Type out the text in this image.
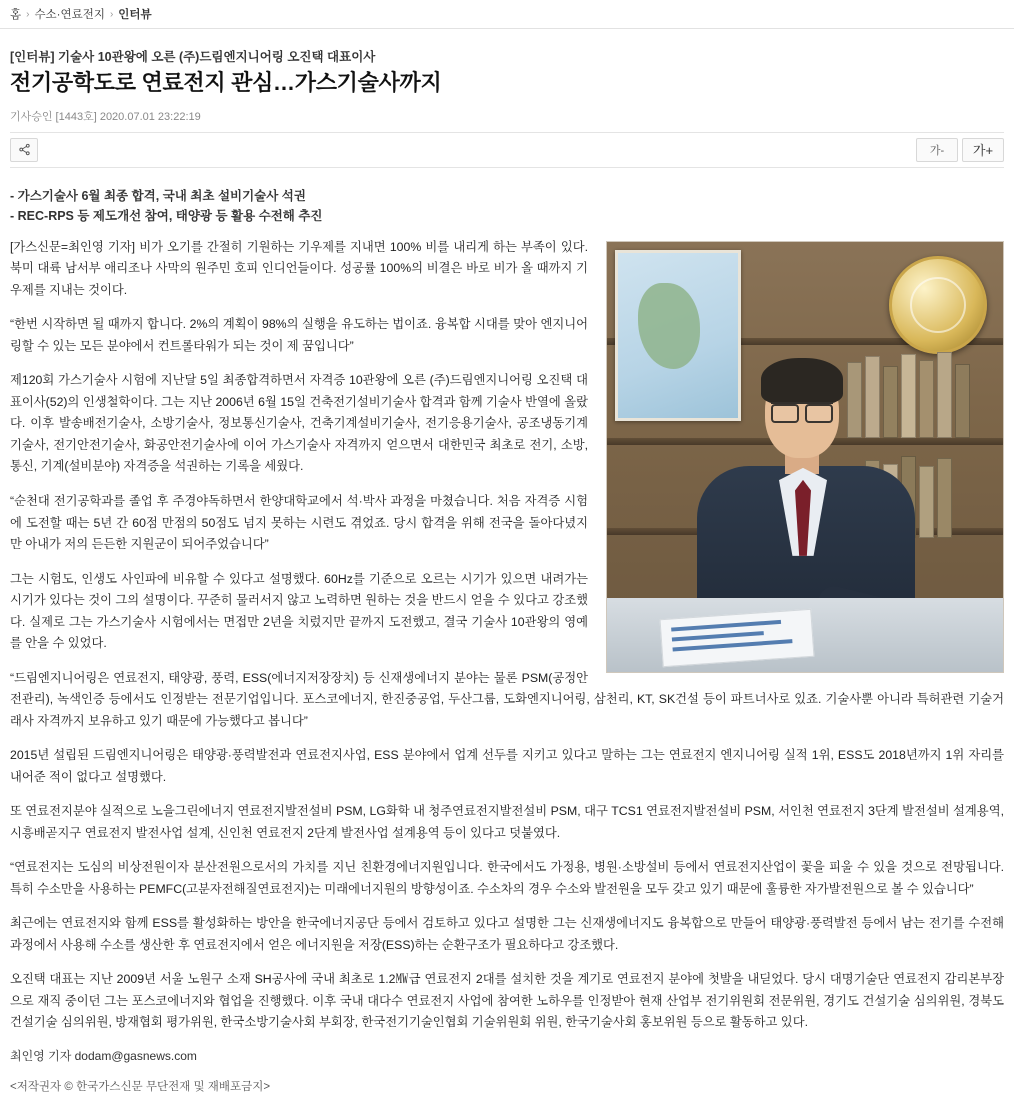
홈 › 수소·연료전지 › 인터뷰
[인터뷰] 기술사 10관왕에 오른 (주)드림엔지니어링 오진택 대표이사
전기공학도로 연료전지 관심…가스기술사까지
기사승인 [1443호] 2020.07.01 23:22:19
가-	가+
- 가스기술사 6월 최종 합격, 국내 최초 설비기술사 석권
- REC-RPS 등 제도개선 참여, 태양광 등 활용 수전해 추진

[가스신문=최인영 기자] 비가 오기를 간절히 기원하는 기우제를 지내면 100% 비를 내리게 하는 부족이 있다. 북미 대륙 남서부 애리조나 사막의 원주민 호피 인디언들이다. 성공률 100%의 비결은 바로 비가 올 때까지 기우제를 지내는 것이다.

“한번 시작하면 될 때까지 합니다. 2%의 계획이 98%의 실행을 유도하는 법이죠. 융복합 시대를 맞아 엔지니어링할 수 있는 모든 분야에서 컨트롤타워가 되는 것이 제 꿈입니다”

제120회 가스기술사 시험에 지난달 5일 최종합격하면서 자격증 10관왕에 오른 (주)드림엔지니어링 오진택 대표이사(52)의 인생철학이다. 그는 지난 2006년 6월 15일 건축전기설비기술사 합격과 함께 기술사 반열에 올랐다. 이후 발송배전기술사, 소방기술사, 정보통신기술사, 건축기계설비기술사, 전기응용기술사, 공조냉동기계기술사, 전기안전기술사, 화공안전기술사에 이어 가스기술사 자격까지 얻으면서 대한민국 최초로 전기, 소방, 통신, 기계(설비분야) 자격증을 석권하는 기록을 세웠다.

“순천대 전기공학과를 졸업 후 주경야독하면서 한양대학교에서 석·박사 과정을 마쳤습니다. 처음 자격증 시험에 도전할 때는 5년 간 60점 만점의 50점도 넘지 못하는 시련도 겪었죠. 당시 합격을 위해 전국을 돌아다녔지만 아내가 저의 든든한 지원군이 되어주었습니다”

그는 시험도, 인생도 사인파에 비유할 수 있다고 설명했다. 60Hz를 기준으로 오르는 시기가 있으면 내려가는 시기가 있다는 것이 그의 설명이다. 꾸준히 물러서지 않고 노력하면 원하는 것을 반드시 얻을 수 있다고 강조했다. 실제로 그는 가스기술사 시험에서는 면접만 2년을 치렀지만 끝까지 도전했고, 결국 기술사 10관왕의 영예를 안을 수 있었다.

“드림엔지니어링은 연료전지, 태양광, 풍력, ESS(에너지저장장치) 등 신재생에너지 분야는 물론 PSM(공정안전관리), 녹색인증 등에서도 인정받는 전문기업입니다. 포스코에너지, 한진중공업, 두산그룹, 도화엔지니어링, 삼천리, KT, SK건설 등이 파트너사로 있죠. 기술사뿐 아니라 특허관련 기술거래사 자격까지 보유하고 있기 때문에 가능했다고 봅니다”

2015년 설립된 드림엔지니어링은 태양광·풍력발전과 연료전지사업, ESS 분야에서 업계 선두를 지키고 있다고 말하는 그는 연료전지 엔지니어링 실적 1위, ESS도 2018년까지 1위 자리를 내어준 적이 없다고 설명했다.

또 연료전지분야 실적으로 노을그린에너지 연료전지발전설비 PSM, LG화학 내 청주연료전지발전설비 PSM, 대구 TCS1 연료전지발전설비 PSM, 서인천 연료전지 3단계 발전설비 설계용역, 시흥배곧지구 연료전지 발전사업 설계, 신인천 연료전지 2단계 발전사업 설계용역 등이 있다고 덧붙였다.

“연료전지는 도심의 비상전원이자 분산전원으로서의 가치를 지닌 친환경에너지원입니다. 한국에서도 가정용, 병원·소방설비 등에서 연료전지산업이 꽃을 피울 수 있을 것으로 전망됩니다. 특히 수소만을 사용하는 PEMFC(고분자전해질연료전지)는 미래에너지원의 방향성이죠. 수소차의 경우 수소와 발전원을 모두 갖고 있기 때문에 훌륭한 자가발전원으로 볼 수 있습니다”

최근에는 연료전지와 함께 ESS를 활성화하는 방안을 한국에너지공단 등에서 검토하고 있다고 설명한 그는 신재생에너지도 융복합으로 만들어 태양광·풍력발전 등에서 남는 전기를 수전해 과정에서 사용해 수소를 생산한 후 연료전지에서 얻은 에너지원을 저장(ESS)하는 순환구조가 필요하다고 강조했다.

오진택 대표는 지난 2009년 서울 노원구 소재 SH공사에 국내 최초로 1.2㎿급 연료전지 2대를 설치한 것을 계기로 연료전지 분야에 첫발을 내딛었다. 당시 대명기술단 연료전지 감리본부장으로 재직 중이던 그는 포스코에너지와 협업을 진행했다. 이후 국내 대다수 연료전지 사업에 참여한 노하우를 인정받아 현재 산업부 전기위원회 전문위원, 경기도 건설기술 심의위원, 경북도 건설기술 심의위원, 방재협회 평가위원, 한국소방기술사회 부회장, 한국전기기술인협회 기술위원회 위원, 한국기술사회 홍보위원 등으로 활동하고 있다.

최인영 기자 dodam@gasnews.com
<저작권자 © 한국가스신문 무단전재 및 재배포금지>
